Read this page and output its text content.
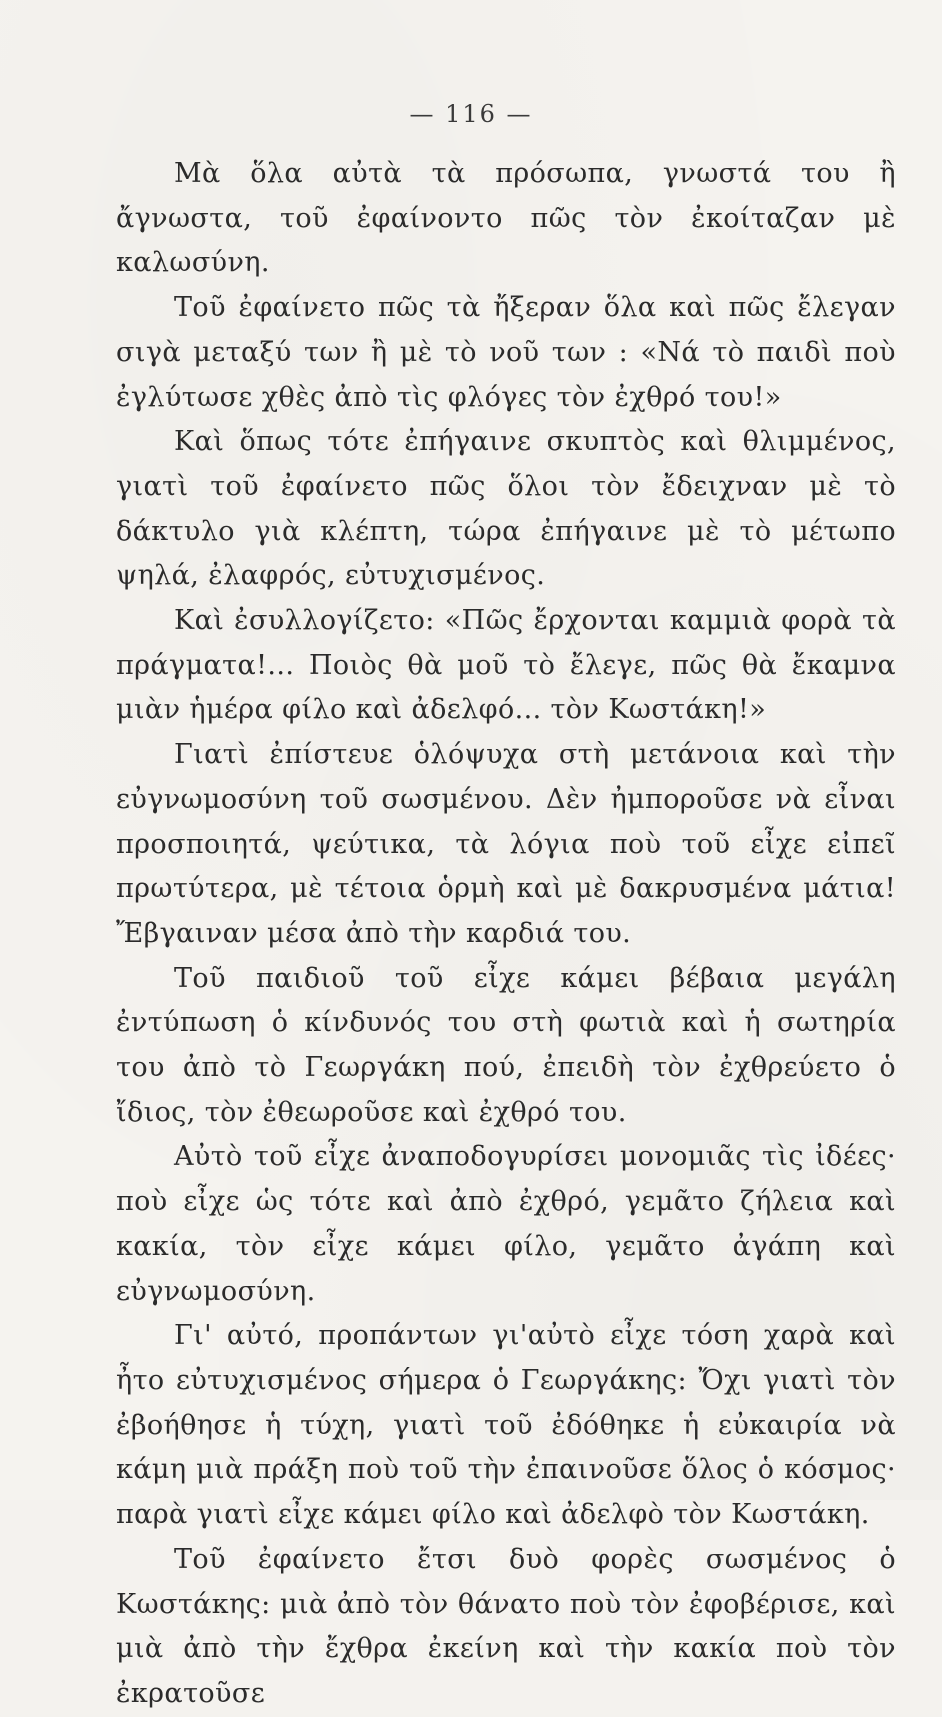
— 116 —

Μὰ ὅλα αὐτὰ τὰ πρόσωπα, γνωστά του ἢ ἄγνωστα, τοῦ ἐφαίνοντο πῶς τὸν ἐκοίταζαν μὲ καλωσύνη.

Τοῦ ἐφαίνετο πῶς τὰ ἤξεραν ὅλα καὶ πῶς ἔλεγαν σιγὰ μεταξύ των ἢ μὲ τὸ νοῦ των : «Νά τὸ παιδὶ ποὺ ἐγλύτωσε χθὲς ἀπὸ τὶς φλόγες τὸν ἐχθρό του!»

Καὶ ὅπως τότε ἐπήγαινε σκυπτὸς καὶ θλιμμένος, γιατὶ τοῦ ἐφαίνετο πῶς ὅλοι τὸν ἔδειχναν μὲ τὸ δάκτυλο γιὰ κλέπτη, τώρα ἐπήγαινε μὲ τὸ μέτωπο ψηλά, ἐλαφρός, εὐτυχισμένος.

Καὶ ἐσυλλογίζετο: «Πῶς ἔρχονται καμμιὰ φορὰ τὰ πράγματα!... Ποιὸς θὰ μοῦ τὸ ἔλεγε, πῶς θὰ ἔκαμνα μιὰν ἡμέρα φίλο καὶ ἀδελφό... τὸν Κωστάκη!»

Γιατὶ ἐπίστευε ὁλόψυχα στὴ μετάνοια καὶ τὴν εὐγνωμοσύνη τοῦ σωσμένου. Δὲν ἠμποροῦσε νὰ εἶναι προσποιητά, ψεύτικα, τὰ λόγια ποὺ τοῦ εἶχε εἰπεῖ πρωτύτερα, μὲ τέτοια ὁρμὴ καὶ μὲ δακρυσμένα μάτια! Ἔβγαιναν μέσα ἀπὸ τὴν καρδιά του.

Τοῦ παιδιοῦ τοῦ εἶχε κάμει βέβαια μεγάλη ἐντύπωση ὁ κίνδυνός του στὴ φωτιὰ καὶ ἡ σωτηρία του ἀπὸ τὸ Γεωργάκη πού, ἐπειδὴ τὸν ἐχθρεύετο ὁ ἴδιος, τὸν ἐθεωροῦσε καὶ ἐχθρό του.

Αὐτὸ τοῦ εἶχε ἀναποδογυρίσει μονομιᾶς τὶς ἰδέες· ποὺ εἶχε ὡς τότε καὶ ἀπὸ ἐχθρό, γεμᾶτο ζήλεια καὶ κακία, τὸν εἶχε κάμει φίλο, γεμᾶτο ἀγάπη καὶ εὐγνωμοσύνη.

Γι' αὐτό, προπάντων γι'αὐτὸ εἶχε τόση χαρὰ καὶ ἦτο εὐτυχισμένος σήμερα ὁ Γεωργάκης: Ὄχι γιατὶ τὸν ἐβοήθησε ἡ τύχη, γιατὶ τοῦ ἐδόθηκε ἡ εὐκαιρία νὰ κάμη μιὰ πράξη ποὺ τοῦ τὴν ἐπαινοῦσε ὅλος ὁ κόσμος· παρὰ γιατὶ εἶχε κάμει φίλο καὶ ἀδελφὸ τὸν Κωστάκη.

Τοῦ ἐφαίνετο ἔτσι δυὸ φορὲς σωσμένος ὁ Κωστάκης: μιὰ ἀπὸ τὸν θάνατο ποὺ τὸν ἐφοβέρισε, καὶ μιὰ ἀπὸ τὴν ἔχθρα ἐκείνη καὶ τὴν κακία ποὺ τὸν ἐκρατοῦσε
